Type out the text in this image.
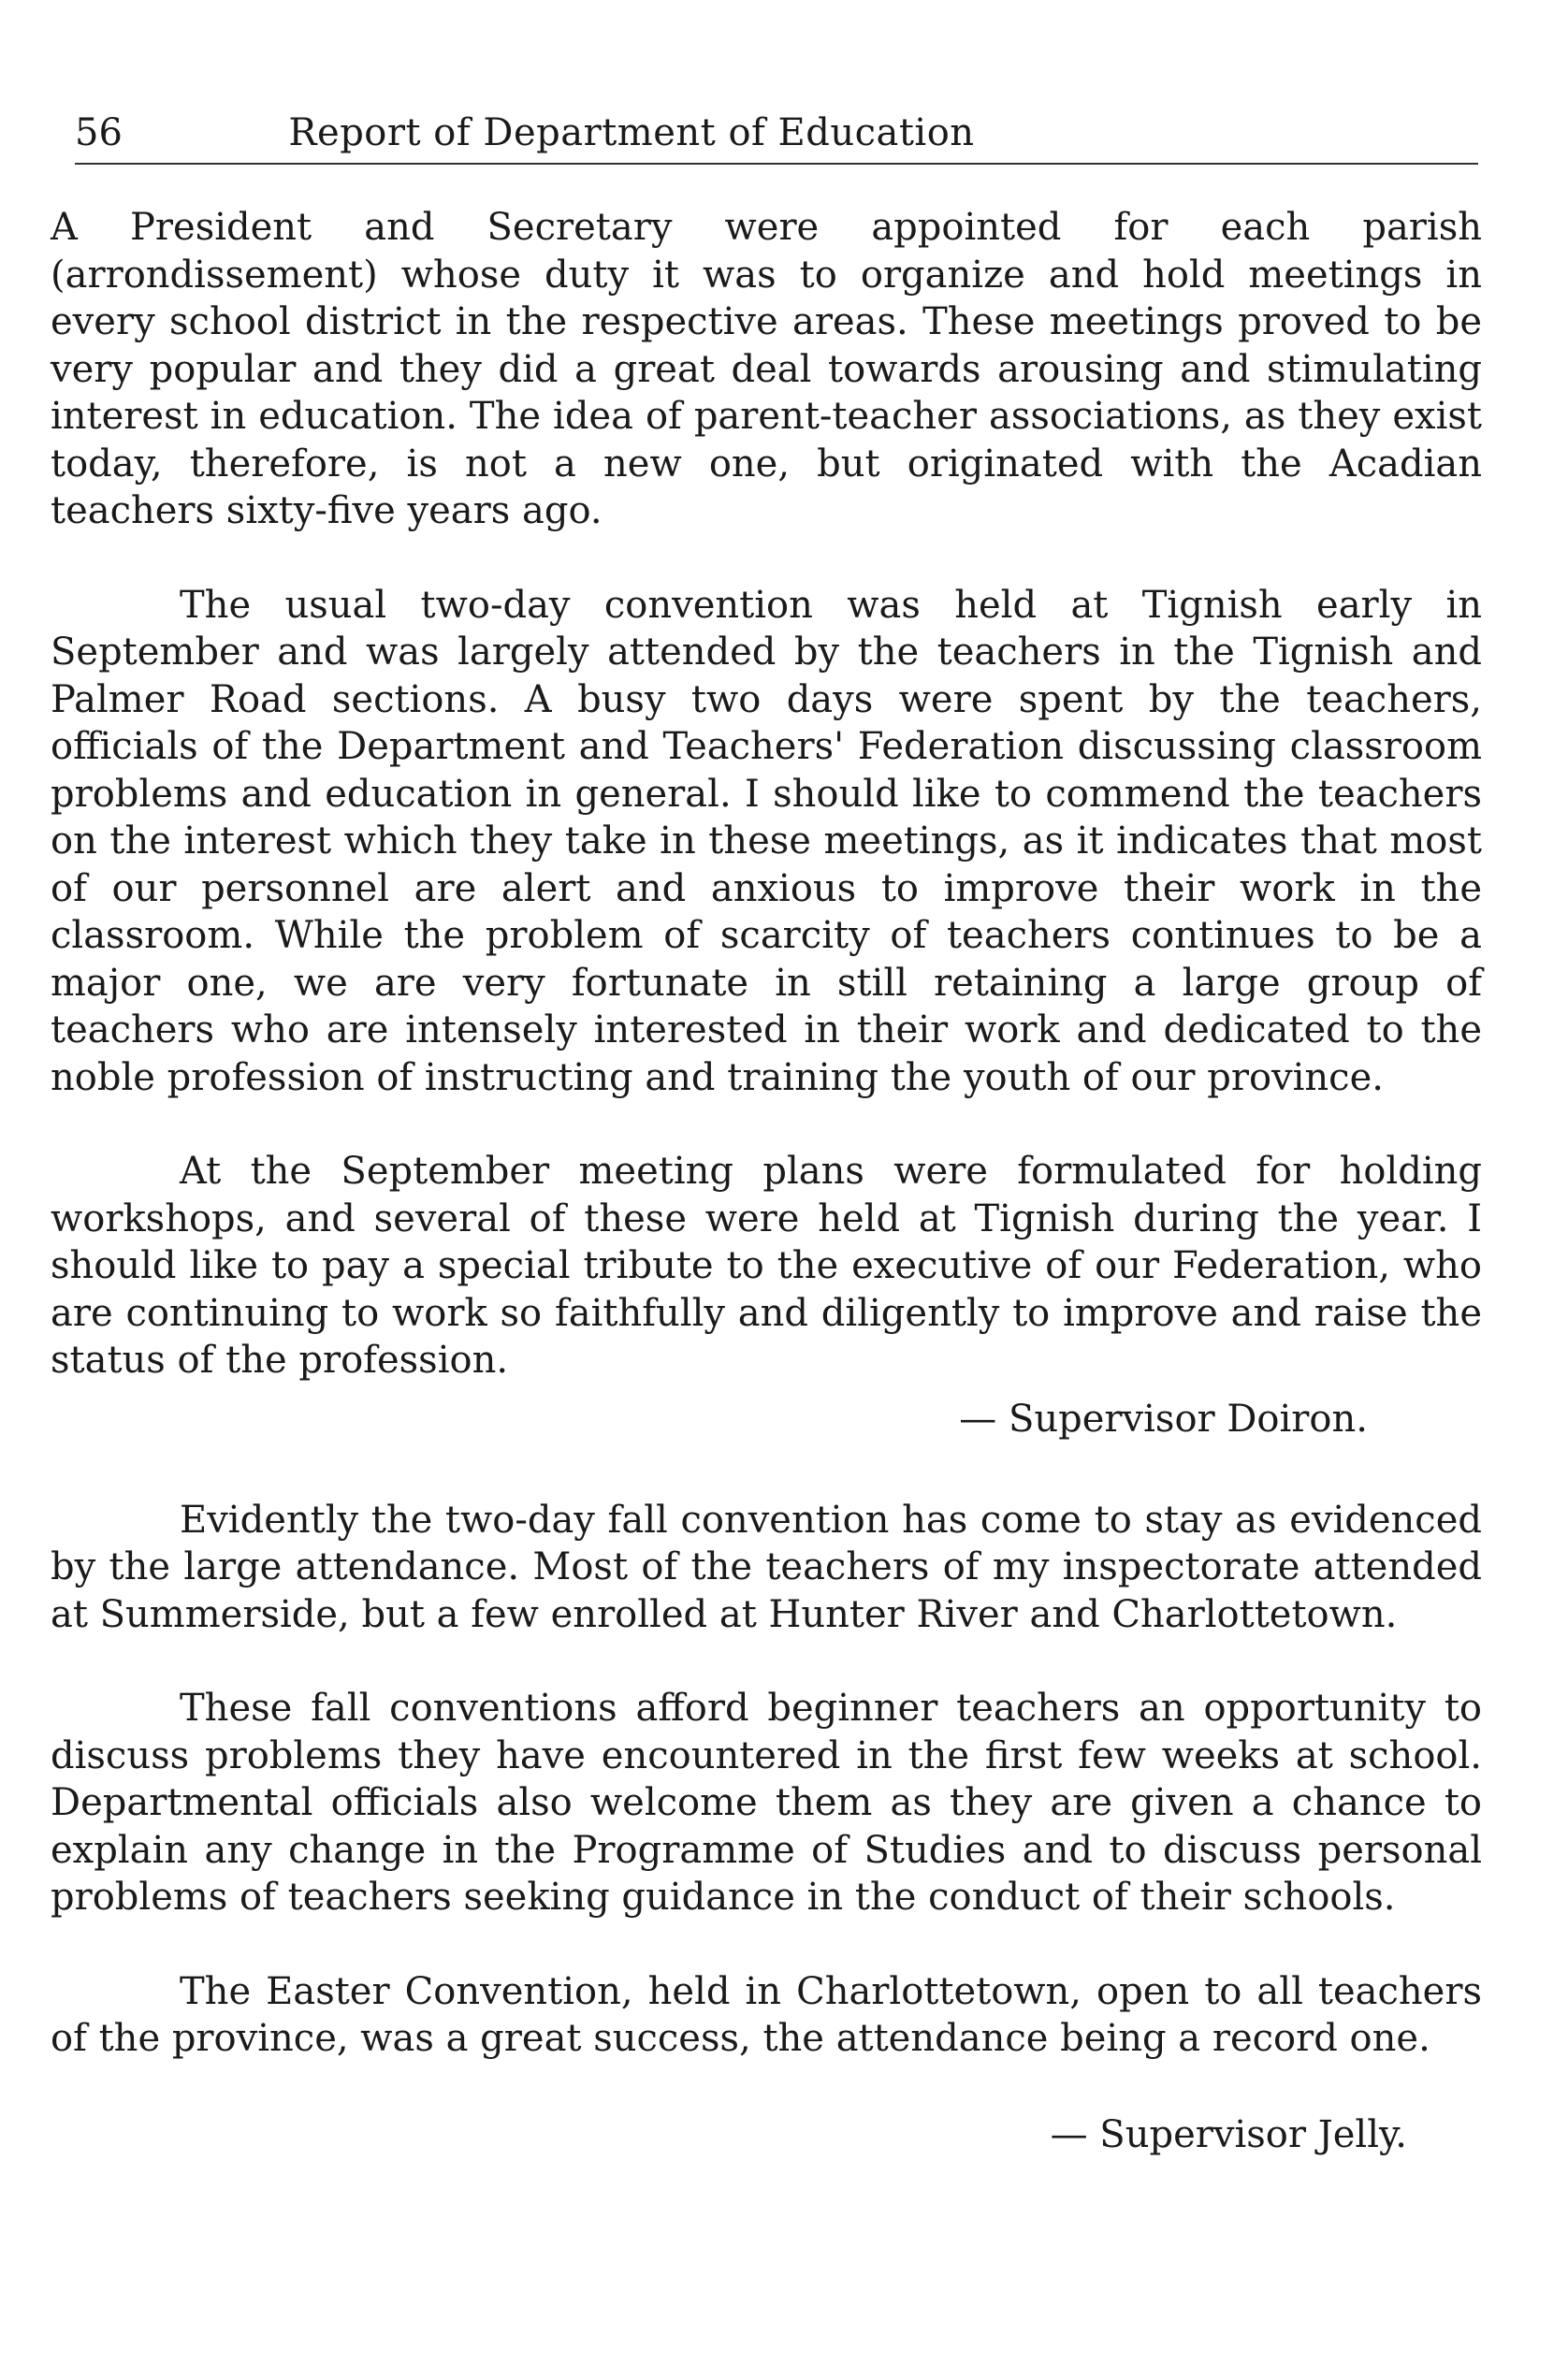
56	Report of Department of Education

A President and Secretary were appointed for each parish (arrondissement) whose duty it was to organize and hold meetings in every school district in the respective areas. These meetings proved to be very popular and they did a great deal towards arousing and stimulating interest in education. The idea of parent-teacher associations, as they exist today, therefore, is not a new one, but originated with the Acadian teachers sixty-five years ago.

The usual two-day convention was held at Tignish early in September and was largely attended by the teachers in the Tignish and Palmer Road sections. A busy two days were spent by the teachers, officials of the Department and Teachers' Federation discussing classroom problems and education in general. I should like to commend the teachers on the interest which they take in these meetings, as it indicates that most of our personnel are alert and anxious to improve their work in the classroom. While the problem of scarcity of teachers continues to be a major one, we are very fortunate in still retaining a large group of teachers who are intensely interested in their work and dedicated to the noble profession of instructing and training the youth of our province.

At the September meeting plans were formulated for holding workshops, and several of these were held at Tignish during the year. I should like to pay a special tribute to the executive of our Federation, who are continuing to work so faithfully and diligently to improve and raise the status of the profession.

— Supervisor Doiron.

Evidently the two-day fall convention has come to stay as evidenced by the large attendance. Most of the teachers of my inspectorate attended at Summerside, but a few enrolled at Hunter River and Charlottetown.

These fall conventions afford beginner teachers an opportunity to discuss problems they have encountered in the first few weeks at school. Departmental officials also welcome them as they are given a chance to explain any change in the Programme of Studies and to discuss personal problems of teachers seeking guidance in the conduct of their schools.

The Easter Convention, held in Charlottetown, open to all teachers of the province, was a great success, the attendance being a record one.

— Supervisor Jelly.
